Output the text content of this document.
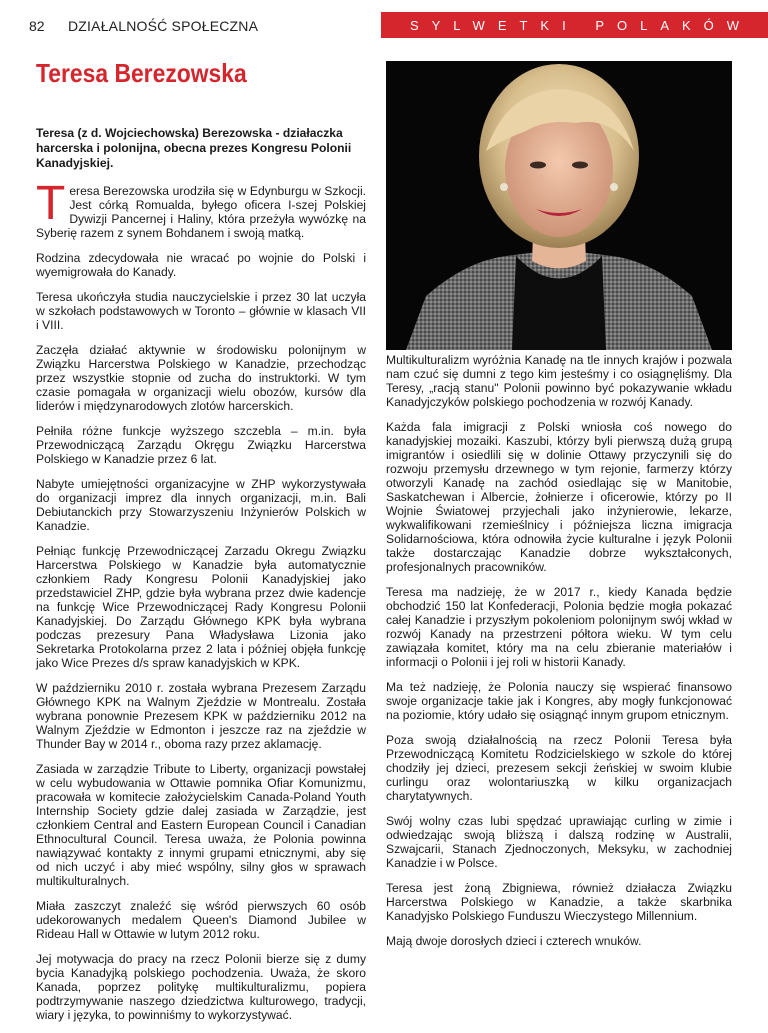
82 DZIAŁALNOŚĆ SPOŁECZNA	SYLWETKI POLAKÓW
Teresa Berezowska
Teresa (z d. Wojciechowska) Berezowska - działaczka harcerska i polonijna, obecna prezes Kongresu Polonii Kanadyjskiej.
Teresa Berezowska urodziła się w Edynburgu w Szkocji. Jest córką Romualda, byłego oficera I-szej Polskiej Dywizji Pancernej i Haliny, która przeżyła wywózkę na Syberię razem z synem Bohdanem i swoją matką.

Rodzina zdecydowała nie wracać po wojnie do Polski i wyemigrowała do Kanady.

Teresa ukończyła studia nauczycielskie i przez 30 lat uczyła w szkołach podstawowych w Toronto – głównie w klasach VII i VIII.

Zaczęła działać aktywnie w środowisku polonijnym w Związku Harcerstwa Polskiego w Kanadzie, przechodząc przez wszystkie stopnie od zucha do instruktorki. W tym czasie pomagała w organizacji wielu obozów, kursów dla liderów i międzynarodowych zlotów harcerskich.

Pełniła różne funkcje wyższego szczebla – m.in. była Przewodniczącą Zarządu Okręgu Związku Harcerstwa Polskiego w Kanadzie przez 6 lat.

Nabyte umiejętności organizacyjne w ZHP wykorzystywała do organizacji imprez dla innych organizacji, m.in. Bali Debiutanckich przy Stowarzyszeniu Inżynierów Polskich w Kanadzie.

Pełniąc funkcję Przewodniczącej Zarzadu Okregu Związku Harcerstwa Polskiego w Kanadzie była automatycznie członkiem Rady Kongresu Polonii Kanadyjskiej jako przedstawiciel ZHP, gdzie była wybrana przez dwie kadencje na funkcję Wice Przewodniczącej Rady Kongresu Polonii Kanadyjskiej. Do Zarządu Głównego KPK była wybrana podczas prezesury Pana Władysława Lizonia jako Sekretarka Protokolarna przez 2 lata i później objęła funkcję jako Wice Prezes d/s spraw kanadyjskich w KPK.

W październiku 2010 r. została wybrana Prezesem Zarządu Głównego KPK na Walnym Zjeździe w Montrealu. Została wybrana ponownie Prezesem KPK w październiku 2012 na Walnym Zjeździe w Edmonton i jeszcze raz na zjeździe w Thunder Bay w 2014 r., oboma razy przez aklamację.

Zasiada w zarządzie Tribute to Liberty, organizacji powstałej w celu wybudowania w Ottawie pomnika Ofiar Komunizmu, pracowała w komitecie założycielskim Canada-Poland Youth Internship Society gdzie dalej zasiada w Zarządzie, jest członkiem Central and Eastern European Council i Canadian Ethnocultural Council. Teresa uważa, że Polonia powinna nawiązywać kontakty z innymi grupami etnicznymi, aby się od nich uczyć i aby mieć wspólny, silny głos w sprawach multikulturalnych.

Miała zaszczyt znaleźć się wśród pierwszych 60 osób udekorowanych medalem Queen's Diamond Jubilee w Rideau Hall w Ottawie w lutym 2012 roku.

Jej motywacja do pracy na rzecz Polonii bierze się z dumy bycia Kanadyjką polskiego pochodzenia. Uważa, że skoro Kanada, poprzez politykę multikulturalizmu, popiera podtrzymywanie naszego dziedzictwa kulturowego, tradycji, wiary i języka, to powinniśmy to wykorzystywać.

Multikulturalizm wyróżnia Kanadę na tle innych krajów i pozwala nam czuć się dumni z tego kim jesteśmy i co osiągnęliśmy. Dla Teresy, „racją stanu" Polonii powinno być pokazywanie wkładu Kanadyjczyków polskiego pochodzenia w rozwój Kanady.

Każda fala imigracji z Polski wniosła coś nowego do kanadyjskiej mozaiki. Kaszubi, którzy byli pierwszą dużą grupą imigrantów i osiedlili się w dolinie Ottawy przyczynili się do rozwoju przemysłu drzewnego w tym rejonie, farmerzy którzy otworzyli Kanadę na zachód osiedlając się w Manitobie, Saskatchewan i Albercie, żołnierze i oficerowie, którzy po II Wojnie Światowej przyjechali jako inżynierowie, lekarze, wykwalifikowani rzemieślnicy i późniejsza liczna imigracja Solidarnościowa, która odnowiła życie kulturalne i język Polonii także dostarczając Kanadzie dobrze wykształconych, profesjonalnych pracowników.

Teresa ma nadzieję, że w 2017 r., kiedy Kanada będzie obchodzić 150 lat Konfederacji, Polonia będzie mogła pokazać całej Kanadzie i przyszłym pokoleniom polonijnym swój wkład w rozwój Kanady na przestrzeni półtora wieku. W tym celu zawiązała komitet, który ma na celu zbieranie materiałów i informacji o Polonii i jej roli w historii Kanady.

Ma też nadzieję, że Polonia nauczy się wspierać finansowo swoje organizacje takie jak i Kongres, aby mogły funkcjonować na poziomie, który udało się osiągnąć innym grupom etnicznym.

Poza swoją działalnością na rzecz Polonii Teresa była Przewodniczącą Komitetu Rodzicielskiego w szkole do której chodziły jej dzieci, prezesem sekcji żeńskiej w swoim klubie curlingu oraz wolontariuszką w kilku organizacjach charytatywnych.

Swój wolny czas lubi spędzać uprawiając curling w zimie i odwiedzając swoją bliższą i dalszą rodzinę w Australii, Szwajcarii, Stanach Zjednoczonych, Meksyku, w zachodniej Kanadzie i w Polsce.

Teresa jest żoną Zbigniewa, również działacza Związku Harcerstwa Polskiego w Kanadzie, a także skarbnika Kanadyjsko Polskiego Funduszu Wieczystego Millennium.

Mają dwoje dorosłych dzieci i czterech wnuków.
